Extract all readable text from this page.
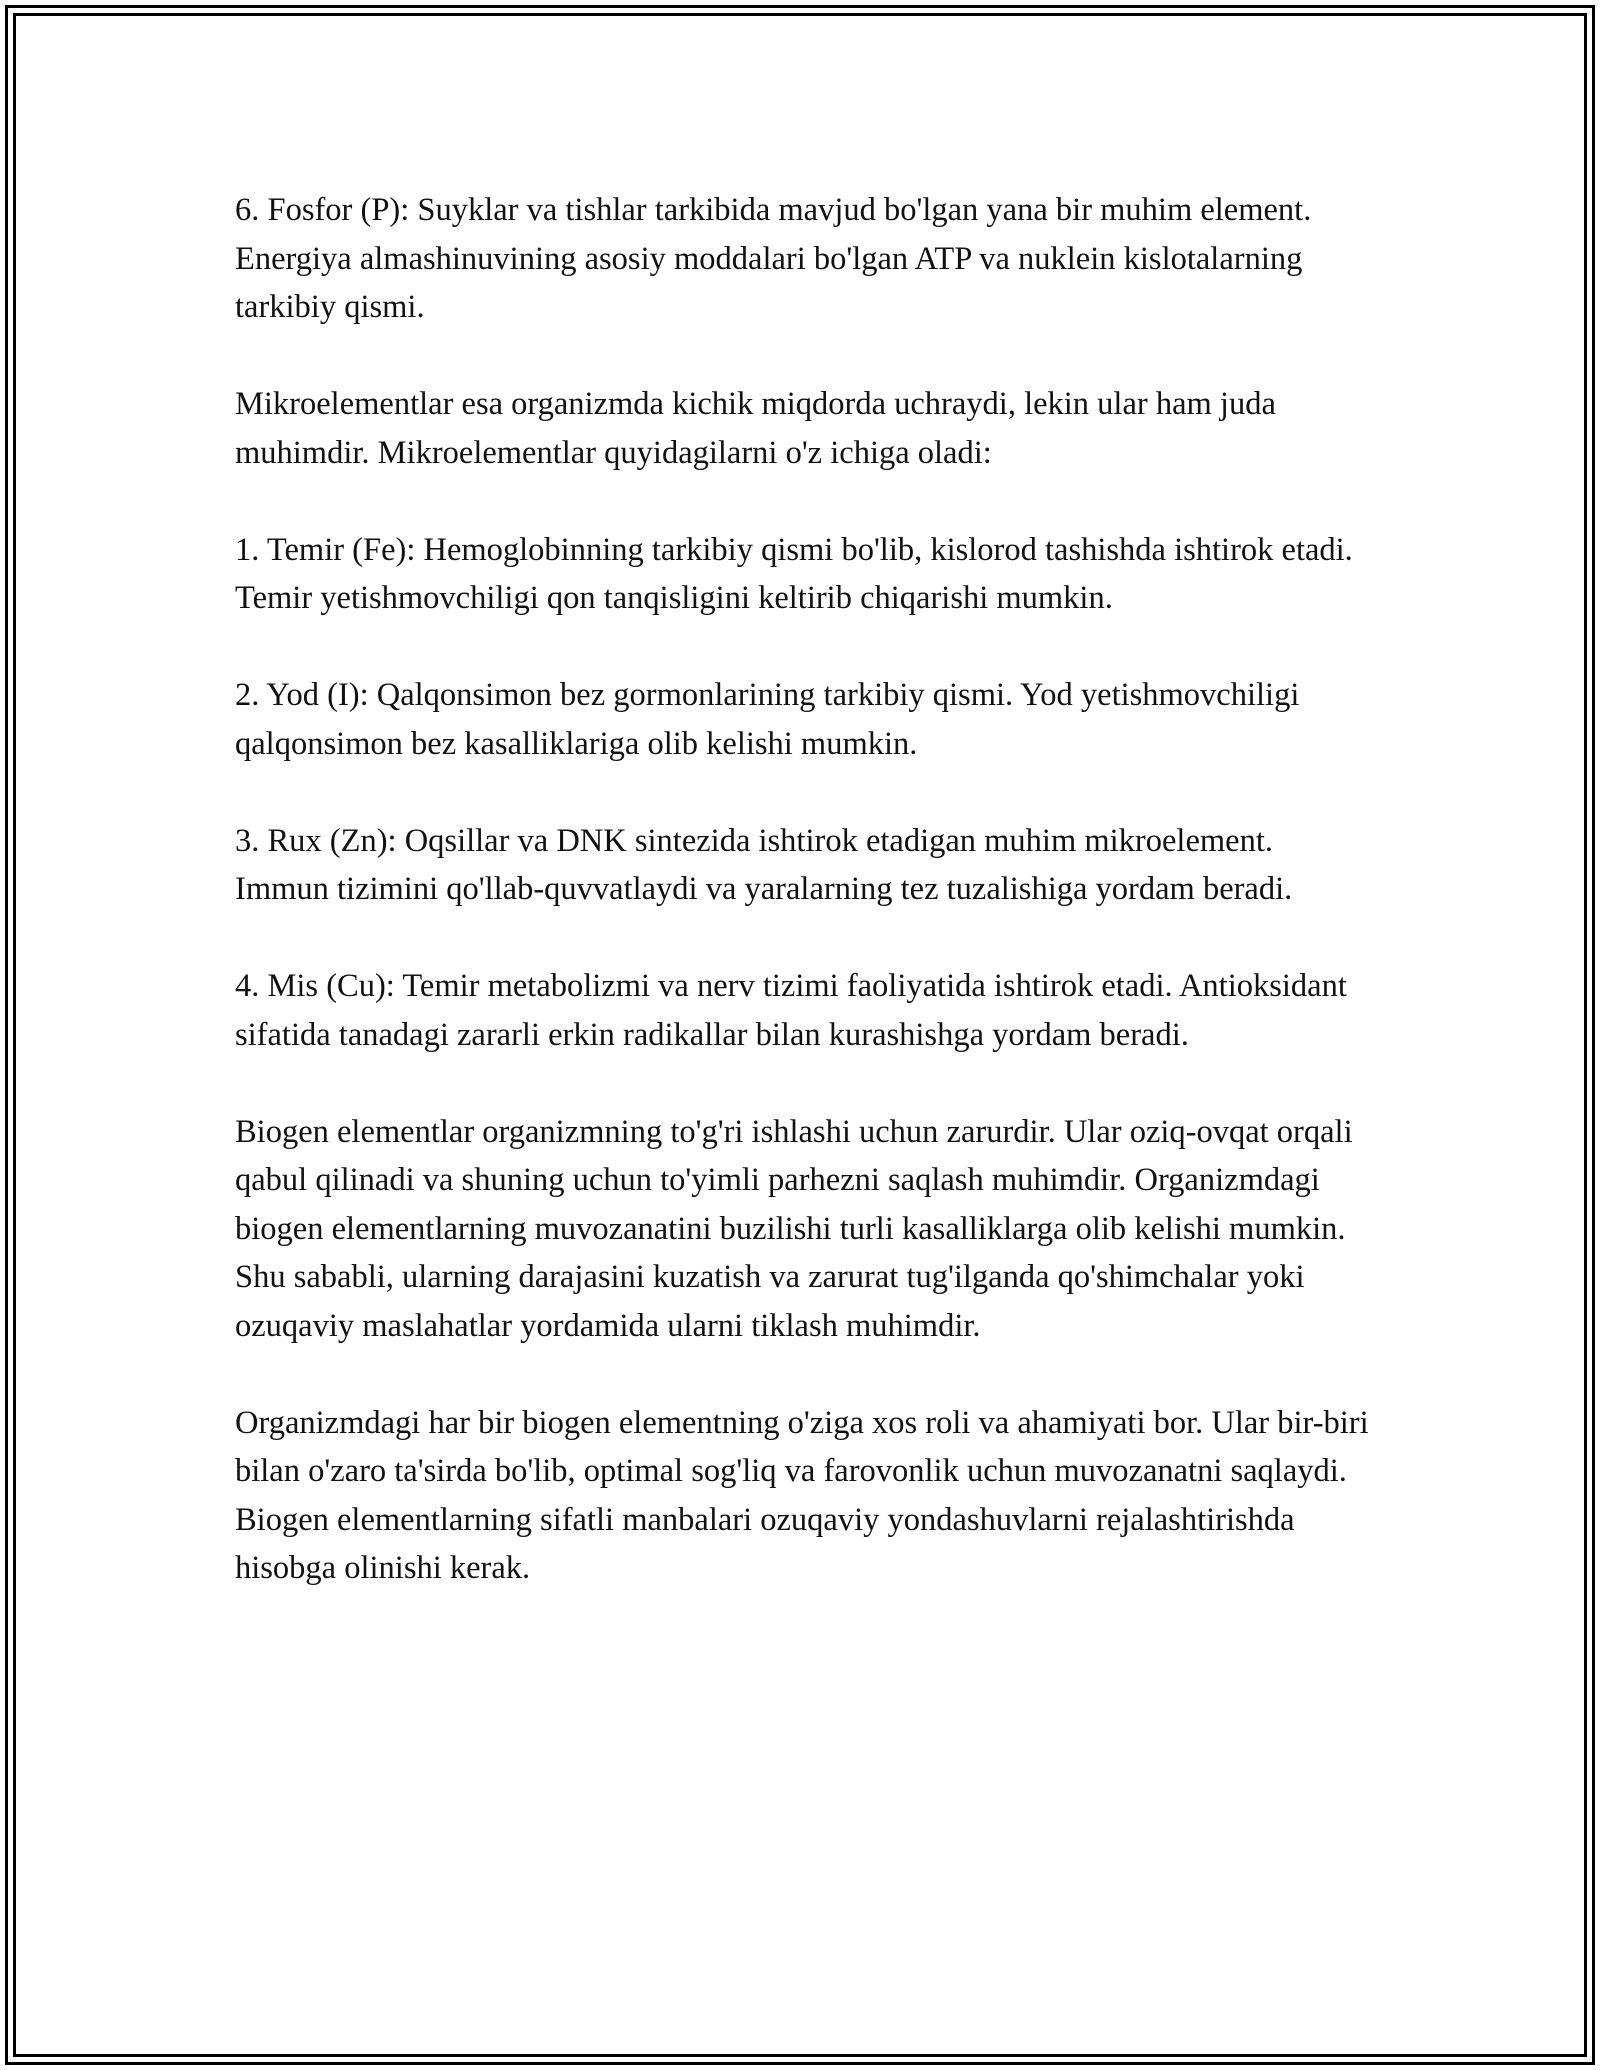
6. Fosfor (P): Suyklar va tishlar tarkibida mavjud bo'lgan yana bir muhim element. Energiya almashinuvining asosiy moddalari bo'lgan ATP va nuklein kislotalarning tarkibiy qismi.

Mikroelementlar esa organizmda kichik miqdorda uchraydi, lekin ular ham juda muhimdir. Mikroelementlar quyidagilarni o'z ichiga oladi:

1. Temir (Fe): Hemoglobinning tarkibiy qismi bo'lib, kislorod tashishda ishtirok etadi. Temir yetishmovchiligi qon tanqisligini keltirib chiqarishi mumkin.

2. Yod (I): Qalqonsimon bez gormonlarining tarkibiy qismi. Yod yetishmovchiligi qalqonsimon bez kasalliklariga olib kelishi mumkin.

3. Rux (Zn): Oqsillar va DNK sintezida ishtirok etadigan muhim mikroelement. Immun tizimini qo'llab-quvvatlaydi va yaralarning tez tuzalishiga yordam beradi.

4. Mis (Cu): Temir metabolizmi va nerv tizimi faoliyatida ishtirok etadi. Antioksidant sifatida tanadagi zararli erkin radikallar bilan kurashishga yordam beradi.

Biogen elementlar organizmning to'g'ri ishlashi uchun zarurdir. Ular oziq-ovqat orqali qabul qilinadi va shuning uchun to'yimli parhezni saqlash muhimdir. Organizmdagi biogen elementlarning muvozanatini buzilishi turli kasalliklarga olib kelishi mumkin. Shu sababli, ularning darajasini kuzatish va zarurat tug'ilganda qo'shimchalar yoki ozuqaviy maslahatlar yordamida ularni tiklash muhimdir.

Organizmdagi har bir biogen elementning o'ziga xos roli va ahamiyati bor. Ular bir-biri bilan o'zaro ta'sirda bo'lib, optimal sog'liq va farovonlik uchun muvozanatni saqlaydi. Biogen elementlarning sifatli manbalari ozuqaviy yondashuvlarni rejalashtirishda hisobga olinishi kerak.
